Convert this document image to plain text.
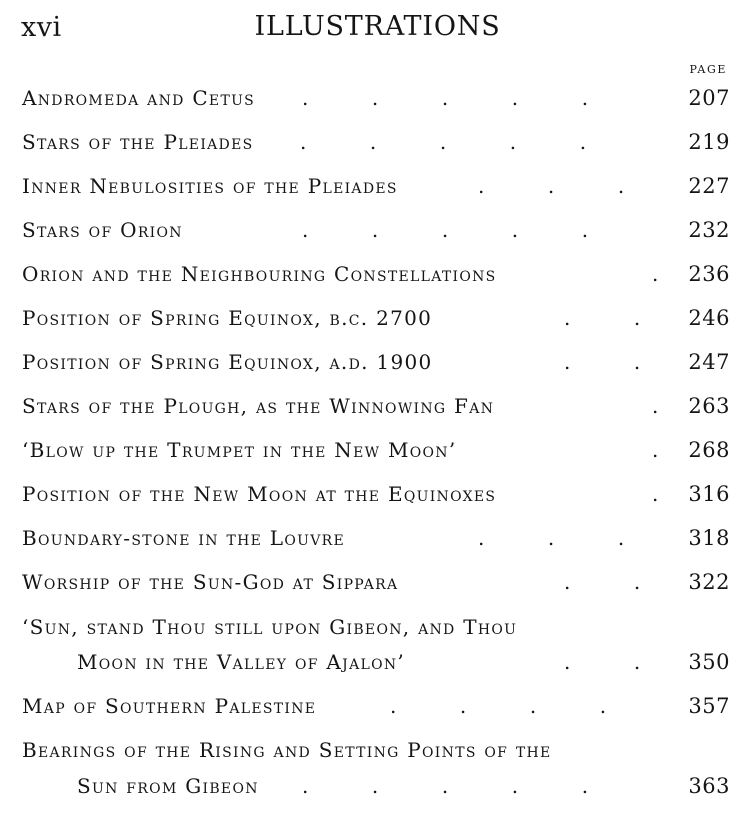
xvi	ILLUSTRATIONS
PAGE
Andromeda and Cetus .          .          .          .          .	207
Stars of the Pleiades .          .          .          .          .	219
Inner Nebulosities of the Pleiades	.          .          .	227
Stars of Orion	.          .          .          .          .	232
Orion and the Neighbouring Constellations	. 236
Position of Spring Equinox, b.c. 2700	.          . 246
Position of Spring Equinox, a.d. 1900	.          . 247
Stars of the Plough, as the Winnowing Fan	. 263
‘Blow up the Trumpet in the New Moon’	. 268
Position of the New Moon at the Equinoxes	. 316
Boundary-stone in the Louvre	.          .          .	318
Worship of the Sun-God at Sippara	.          . 322
‘Sun, stand Thou still upon Gibeon, and Thou
Moon in the Valley of Ajalon’	.          . 350
Map of Southern Palestine	.          .          .          .	357
Bearings of the Rising and Setting Points of the
Sun from Gibeon .          .          .          .          .	363
